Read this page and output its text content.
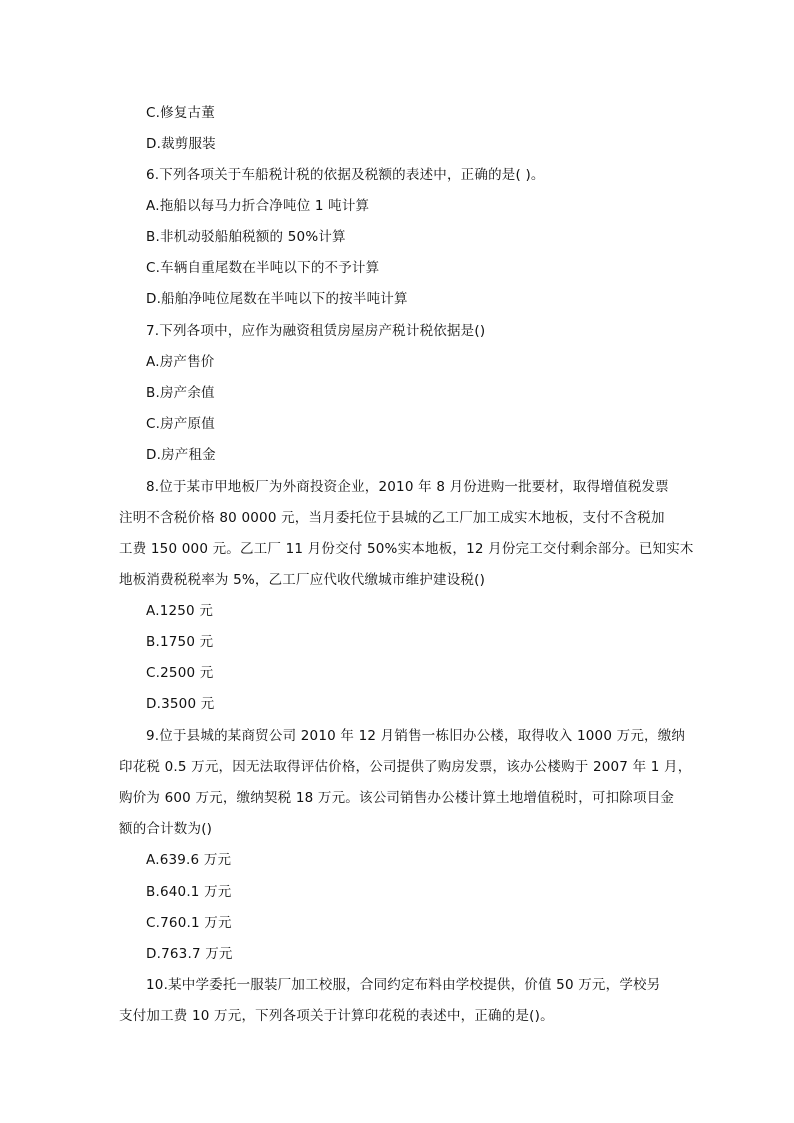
C.修复古董
D.裁剪服装
6.下列各项关于车船税计税的依据及税额的表述中，正确的是( )。
A.拖船以每马力折合净吨位 1 吨计算
B.非机动驳船舶税额的 50%计算
C.车辆自重尾数在半吨以下的不予计算
D.船舶净吨位尾数在半吨以下的按半吨计算
7.下列各项中，应作为融资租赁房屋房产税计税依据是()
A.房产售价
B.房产余值
C.房产原值
D.房产租金
8.位于某市甲地板厂为外商投资企业，2010 年 8 月份进购一批要材，取得增值税发票
注明不含税价格 80 0000 元，当月委托位于县城的乙工厂加工成实木地板，支付不含税加
工费 150 000 元。乙工厂 11 月份交付 50%实本地板，12 月份完工交付剩余部分。已知实木
地板消费税税率为 5%，乙工厂应代收代缴城市维护建设税()
A.1250 元
B.1750 元
C.2500 元
D.3500 元
9.位于县城的某商贸公司 2010 年 12 月销售一栋旧办公楼，取得收入 1000 万元，缴纳
印花税 0.5 万元，因无法取得评估价格，公司提供了购房发票，该办公楼购于 2007 年 1 月，
购价为 600 万元，缴纳契税 18 万元。该公司销售办公楼计算土地增值税时，可扣除项目金
额的合计数为()
A.639.6 万元
B.640.1 万元
C.760.1 万元
D.763.7 万元
10.某中学委托一服装厂加工校服，合同约定布料由学校提供，价值 50 万元，学校另
支付加工费 10 万元，下列各项关于计算印花税的表述中，正确的是()。
